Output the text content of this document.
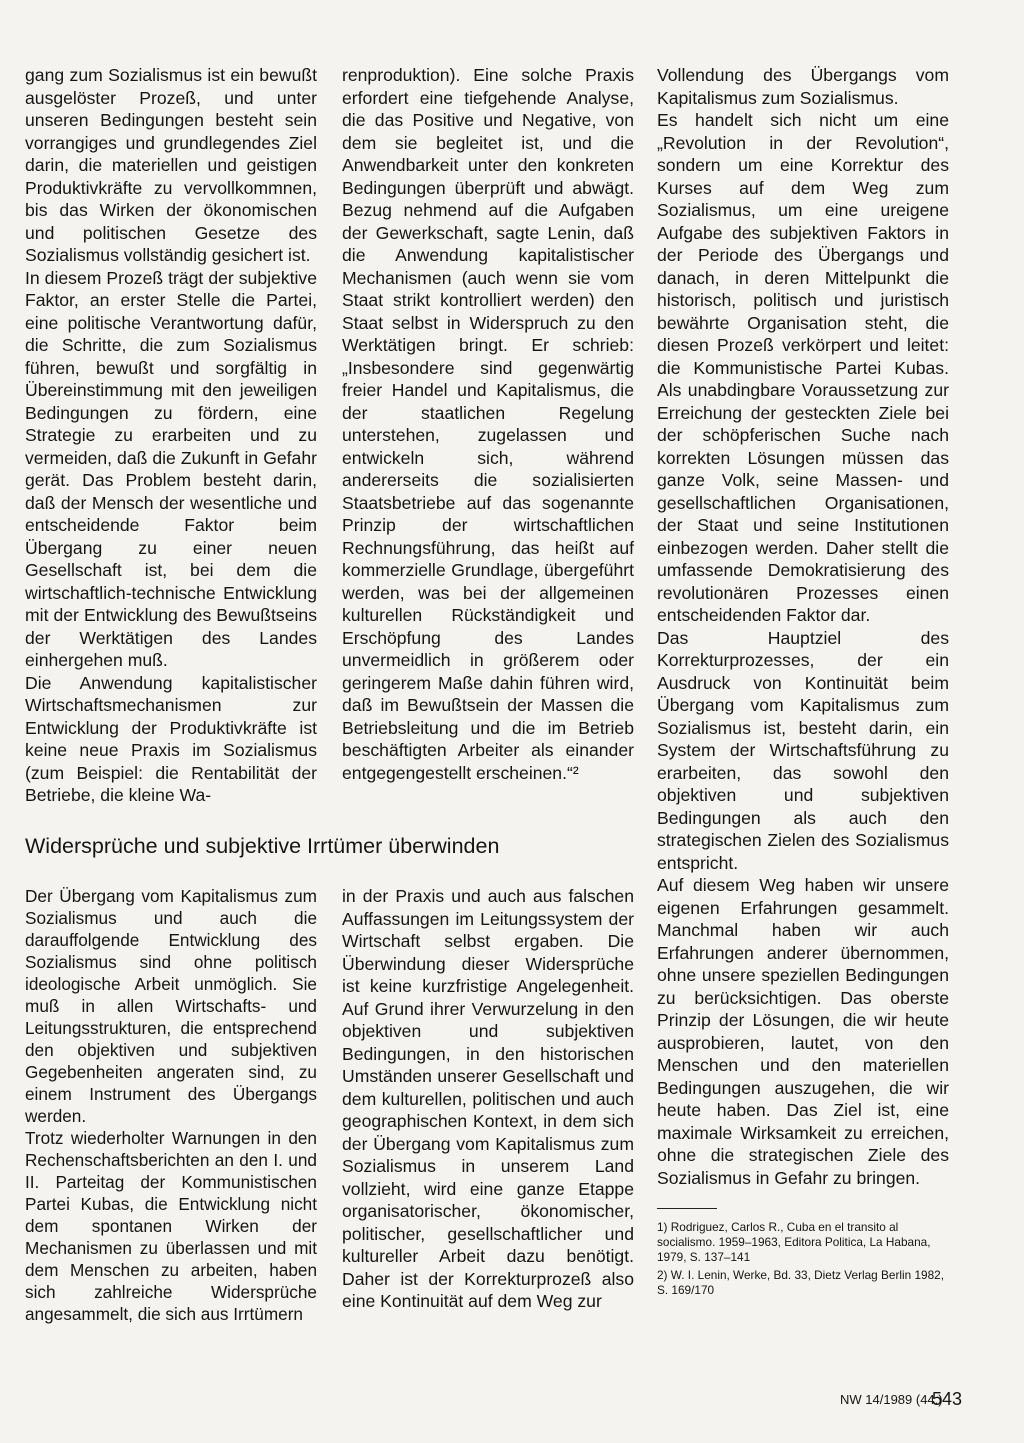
gang zum Sozialismus ist ein bewußt ausgelöster Prozeß, und unter unseren Bedingungen besteht sein vorrangiges und grundlegendes Ziel darin, die materiellen und geistigen Produktivkräfte zu vervollkommnen, bis das Wirken der ökonomischen und politischen Gesetze des Sozialismus vollständig gesichert ist.

In diesem Prozeß trägt der subjektive Faktor, an erster Stelle die Partei, eine politische Verantwortung dafür, die Schritte, die zum Sozialismus führen, bewußt und sorgfältig in Übereinstimmung mit den jeweiligen Bedingungen zu fördern, eine Strategie zu erarbeiten und zu vermeiden, daß die Zukunft in Gefahr gerät. Das Problem besteht darin, daß der Mensch der wesentliche und entscheidende Faktor beim Übergang zu einer neuen Gesellschaft ist, bei dem die wirtschaftlich-technische Entwicklung mit der Entwicklung des Bewußtseins der Werktätigen des Landes einhergehen muß.

Die Anwendung kapitalistischer Wirtschaftsmechanismen zur Entwicklung der Produktivkräfte ist keine neue Praxis im Sozialismus (zum Beispiel: die Rentabilität der Betriebe, die kleine Wa-

renproduktion). Eine solche Praxis erfordert eine tiefgehende Analyse, die das Positive und Negative, von dem sie begleitet ist, und die Anwendbarkeit unter den konkreten Bedingungen überprüft und abwägt. Bezug nehmend auf die Aufgaben der Gewerkschaft, sagte Lenin, daß die Anwendung kapitalistischer Mechanismen (auch wenn sie vom Staat strikt kontrolliert werden) den Staat selbst in Widerspruch zu den Werktätigen bringt. Er schrieb: „Insbesondere sind gegenwärtig freier Handel und Kapitalismus, die der staatlichen Regelung unterstehen, zugelassen und entwickeln sich, während andererseits die sozialisierten Staatsbetriebe auf das sogenannte Prinzip der wirtschaftlichen Rechnungsführung, das heißt auf kommerzielle Grundlage, übergeführt werden, was bei der allgemeinen kulturellen Rückständigkeit und Erschöpfung des Landes unvermeidlich in größerem oder geringerem Maße dahin führen wird, daß im Bewußtsein der Massen die Betriebsleitung und die im Betrieb beschäftigten Arbeiter als einander entgegengestellt erscheinen.“²

Vollendung des Übergangs vom Kapitalismus zum Sozialismus.

Es handelt sich nicht um eine „Revolution in der Revolution“, sondern um eine Korrektur des Kurses auf dem Weg zum Sozialismus, um eine ureigene Aufgabe des subjektiven Faktors in der Periode des Übergangs und danach, in deren Mittelpunkt die historisch, politisch und juristisch bewährte Organisation steht, die diesen Prozeß verkörpert und leitet: die Kommunistische Partei Kubas. Als unabdingbare Voraussetzung zur Erreichung der gesteckten Ziele bei der schöpferischen Suche nach korrekten Lösungen müssen das ganze Volk, seine Massen- und gesellschaftlichen Organisationen, der Staat und seine Institutionen einbezogen werden. Daher stellt die umfassende Demokratisierung des revolutionären Prozesses einen entscheidenden Faktor dar.

Das Hauptziel des Korrekturprozesses, der ein Ausdruck von Kontinuität beim Übergang vom Kapitalismus zum Sozialismus ist, besteht darin, ein System der Wirtschaftsführung zu erarbeiten, das sowohl den objektiven und subjektiven Bedingungen als auch den strategischen Zielen des Sozialismus entspricht.

Auf diesem Weg haben wir unsere eigenen Erfahrungen gesammelt. Manchmal haben wir auch Erfahrungen anderer übernommen, ohne unsere speziellen Bedingungen zu berücksichtigen. Das oberste Prinzip der Lösungen, die wir heute ausprobieren, lautet, von den Menschen und den materiellen Bedingungen auszugehen, die wir heute haben. Das Ziel ist, eine maximale Wirksamkeit zu erreichen, ohne die strategischen Ziele des Sozialismus in Gefahr zu bringen.

Widersprüche und subjektive Irrtümer überwinden

Der Übergang vom Kapitalismus zum Sozialismus und auch die darauffolgende Entwicklung des Sozialismus sind ohne politisch ideologische Arbeit unmöglich. Sie muß in allen Wirtschafts- und Leitungsstrukturen, die entsprechend den objektiven und subjektiven Gegebenheiten angeraten sind, zu einem Instrument des Übergangs werden.

Trotz wiederholter Warnungen in den Rechenschaftsberichten an den I. und II. Parteitag der Kommunistischen Partei Kubas, die Entwicklung nicht dem spontanen Wirken der Mechanismen zu überlassen und mit dem Menschen zu arbeiten, haben sich zahlreiche Widersprüche angesammelt, die sich aus Irrtümern

in der Praxis und auch aus falschen Auffassungen im Leitungssystem der Wirtschaft selbst ergaben. Die Überwindung dieser Widersprüche ist keine kurzfristige Angelegenheit. Auf Grund ihrer Verwurzelung in den objektiven und subjektiven Bedingungen, in den historischen Umständen unserer Gesellschaft und dem kulturellen, politischen und auch geographischen Kontext, in dem sich der Übergang vom Kapitalismus zum Sozialismus in unserem Land vollzieht, wird eine ganze Etappe organisatorischer, ökonomischer, politischer, gesellschaftlicher und kultureller Arbeit dazu benötigt. Daher ist der Korrekturprozeß also eine Kontinuität auf dem Weg zur

1) Rodriguez, Carlos R., Cuba en el transito al socialismo. 1959–1963, Editora Politica, La Habana, 1979, S. 137–141

2) W. I. Lenin, Werke, Bd. 33, Dietz Verlag Berlin 1982, S. 169/170

NW 14/1989 (44.)
543
